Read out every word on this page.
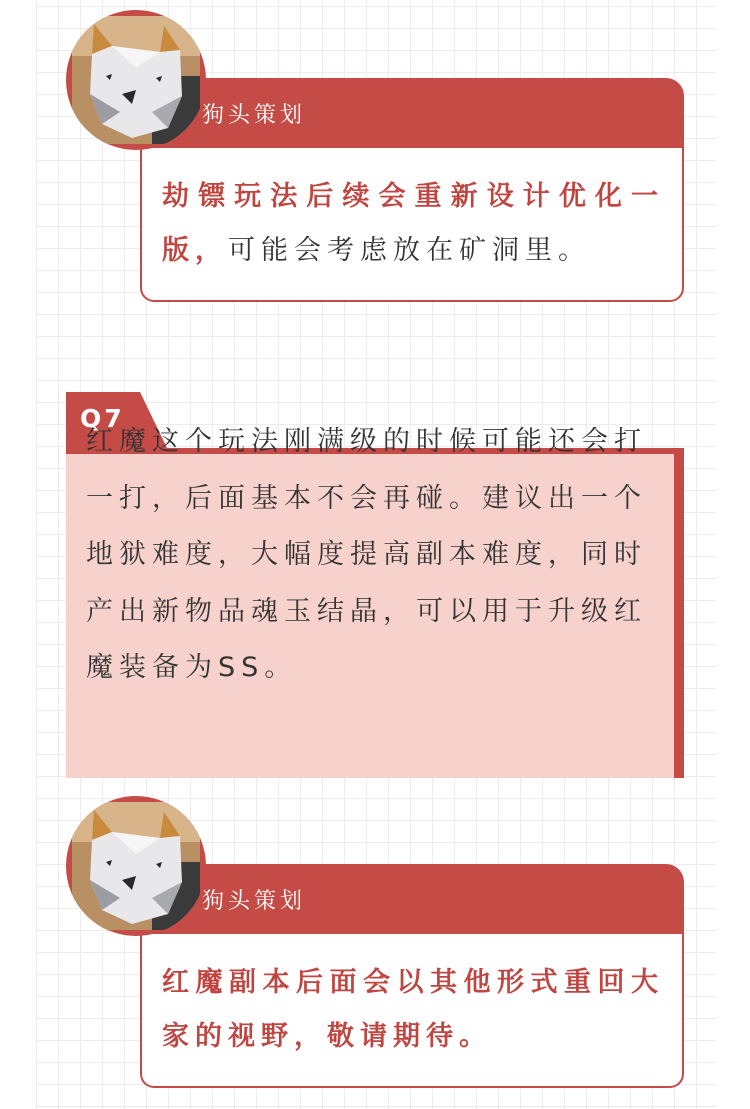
狗头策划
劫镖玩法后续会重新设计优化一版，可能会考虑放在矿洞里。
Q7
红魔这个玩法刚满级的时候可能还会打一打，后面基本不会再碰。建议出一个地狱难度，大幅度提高副本难度，同时产出新物品魂玉结晶，可以用于升级红魔装备为SS。
狗头策划
红魔副本后面会以其他形式重回大家的视野，敬请期待。
